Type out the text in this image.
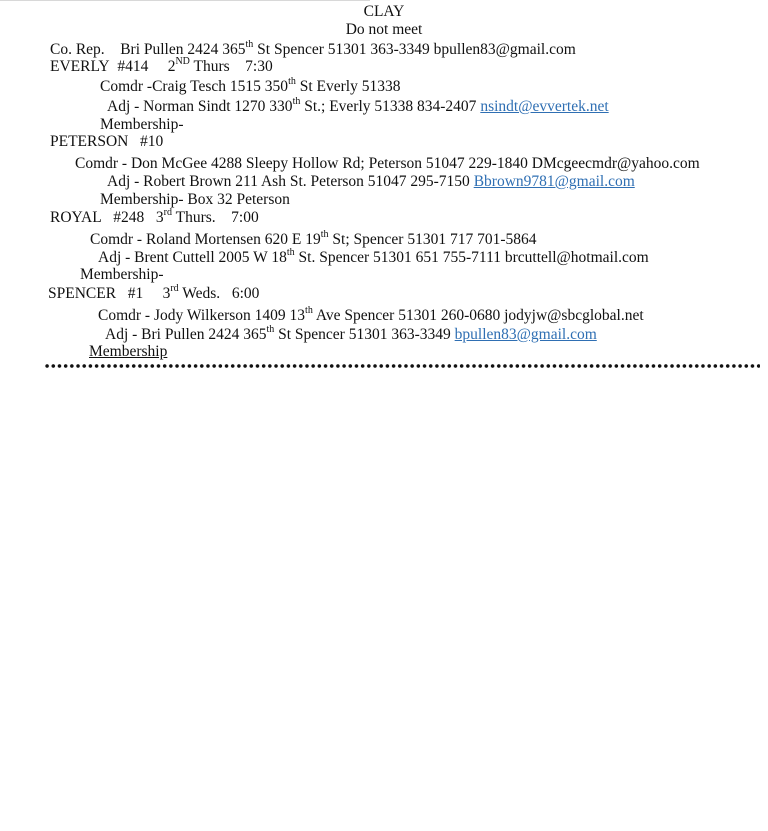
CLAY
Do not meet
Co. Rep. Bri Pullen 2424 365th St Spencer 51301 363-3349 bpullen83@gmail.com
EVERLY #414 2ND Thurs 7:30
Comdr -Craig Tesch 1515 350th St Everly 51338
Adj - Norman Sindt 1270 330th St.; Everly 51338 834-2407 nsindt@evvertek.net
Membership-
PETERSON #10
Comdr - Don McGee 4288 Sleepy Hollow Rd; Peterson 51047 229-1840 DMcgeecmdr@yahoo.com
Adj - Robert Brown 211 Ash St. Peterson 51047 295-7150 Bbrown9781@gmail.com
Membership- Box 32 Peterson
ROYAL #248 3rd Thurs. 7:00
Comdr - Roland Mortensen 620 E 19th St; Spencer 51301 717 701-5864
Adj - Brent Cuttell 2005 W 18th St. Spencer 51301 651 755-7111 brcuttell@hotmail.com
Membership-
SPENCER #1 3rd Weds. 6:00
Comdr - Jody Wilkerson 1409 13th Ave Spencer 51301 260-0680 jodyjw@sbcglobal.net
Adj - Bri Pullen 2424 365th St Spencer 51301 363-3349 bpullen83@gmail.com
Membership
